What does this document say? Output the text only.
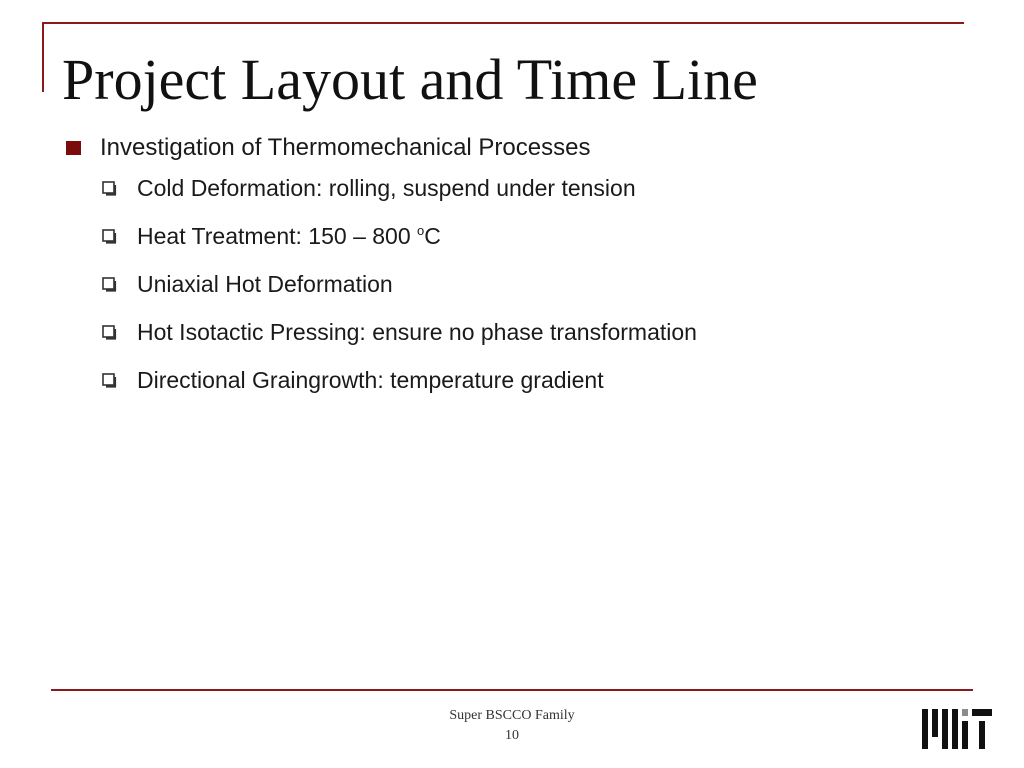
Project Layout and Time Line
Investigation of Thermomechanical Processes
Cold Deformation: rolling, suspend under tension
Heat Treatment: 150 – 800 $^o$C
Uniaxial Hot Deformation
Hot Isotactic Pressing: ensure no phase transformation
Directional Graingrowth: temperature gradient
Super BSCCO Family
10
